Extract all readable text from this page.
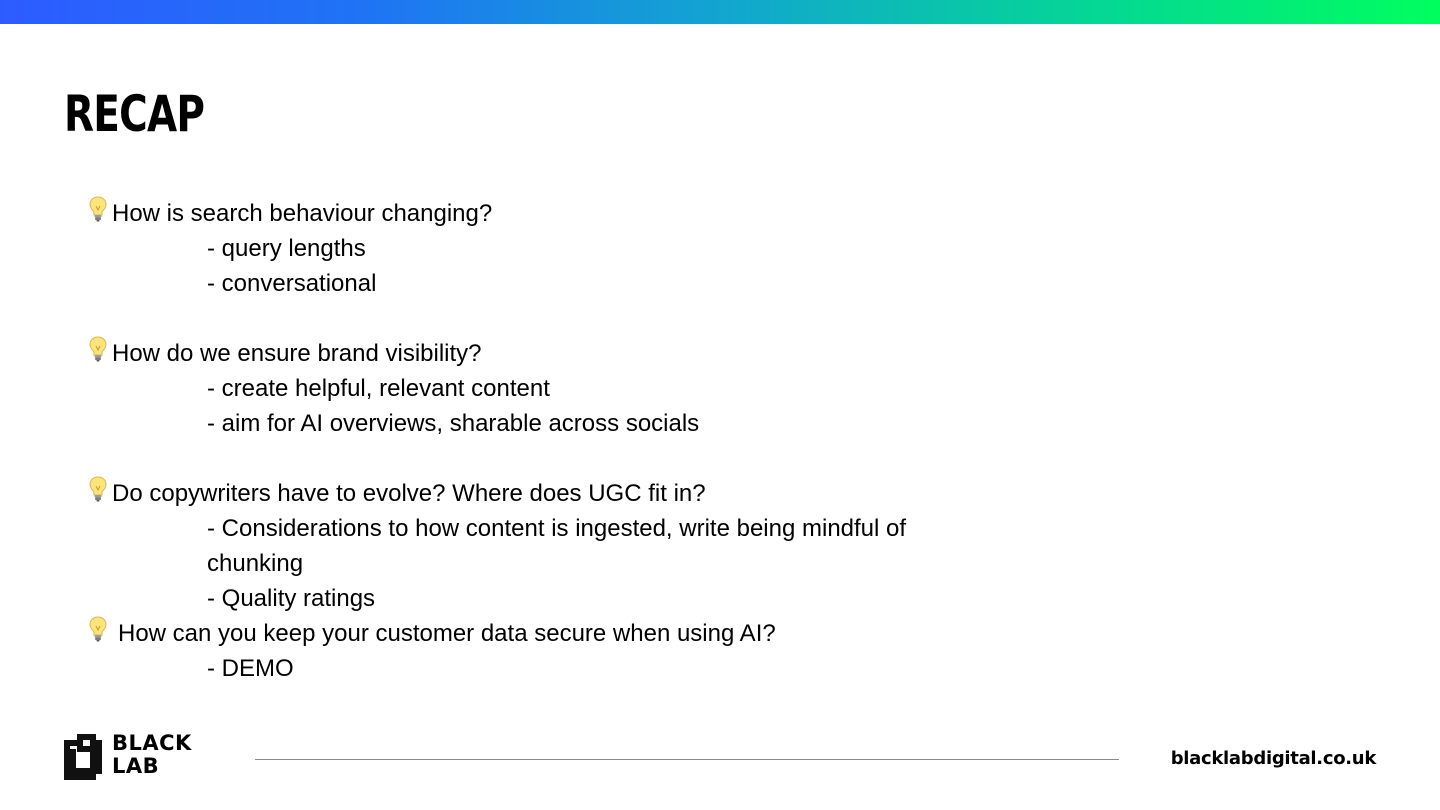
RECAP
How is search behaviour changing?
- query lengths
- conversational
How do we ensure brand visibility?
- create helpful, relevant content
- aim for AI overviews, sharable across socials
Do copywriters have to evolve? Where does UGC fit in?
- Considerations to how content is ingested, write being mindful of chunking
- Quality ratings
How can you keep your customer data secure when using AI?
- DEMO
BLACK
LAB	blacklabdigital.co.uk
